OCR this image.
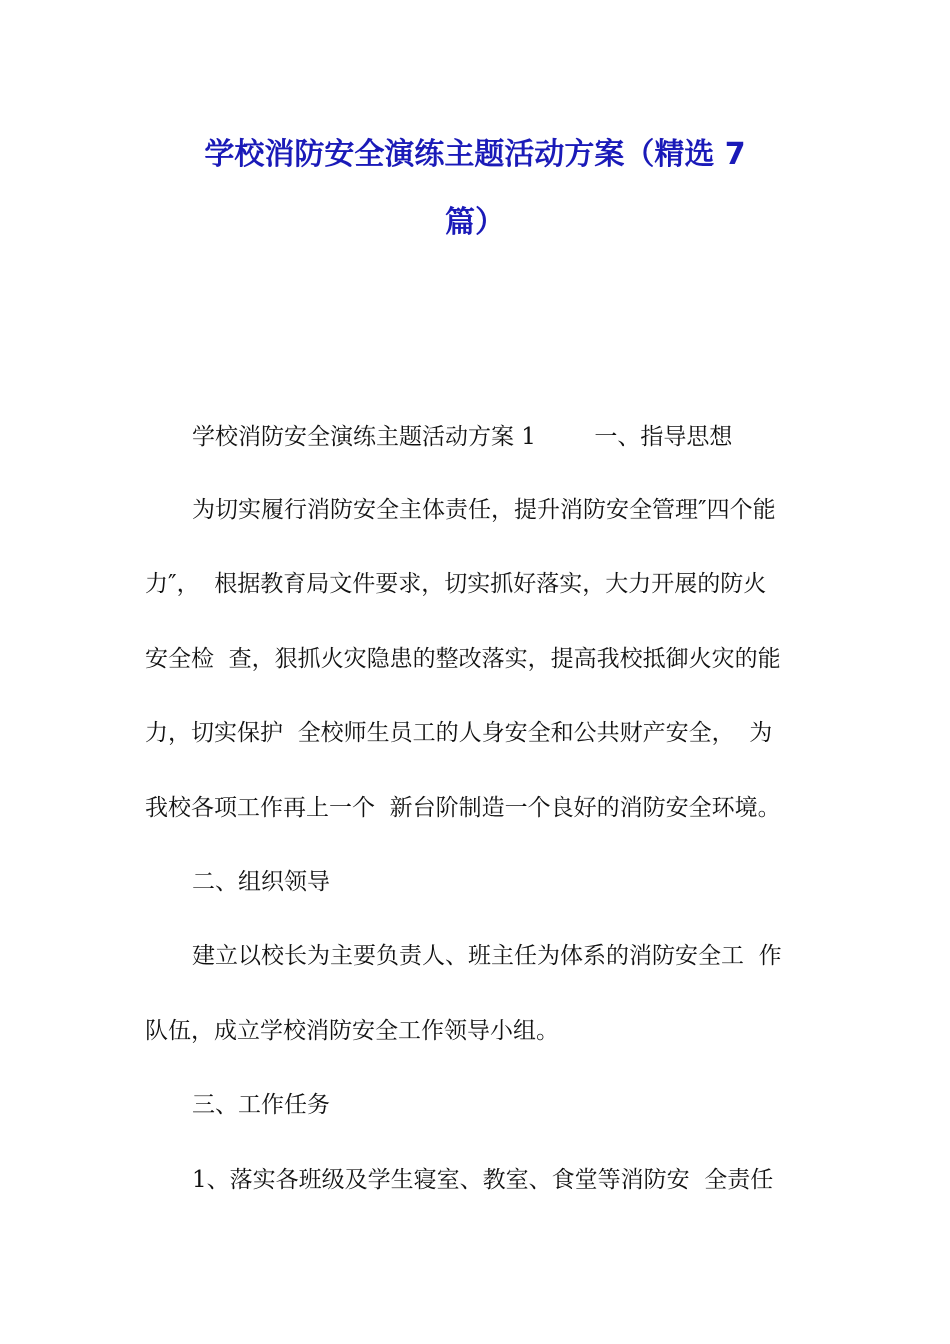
学校消防安全演练主题活动方案（精选 7
篇）
学校消防安全演练主题活动方案 1        一、指导思想
为切实履行消防安全主体责任，提升消防安全管理″四个能
力″，  根据教育局文件要求，切实抓好落实，大力开展的防火
安全检  查，狠抓火灾隐患的整改落实，提高我校抵御火灾的能
力，切实保护  全校师生员工的人身安全和公共财产安全，  为
我校各项工作再上一个  新台阶制造一个良好的消防安全环境。
二、组织领导
建立以校长为主要负责人、班主任为体系的消防安全工  作
队伍，成立学校消防安全工作领导小组。
三、工作任务
1、落实各班级及学生寝室、教室、食堂等消防安  全责任
